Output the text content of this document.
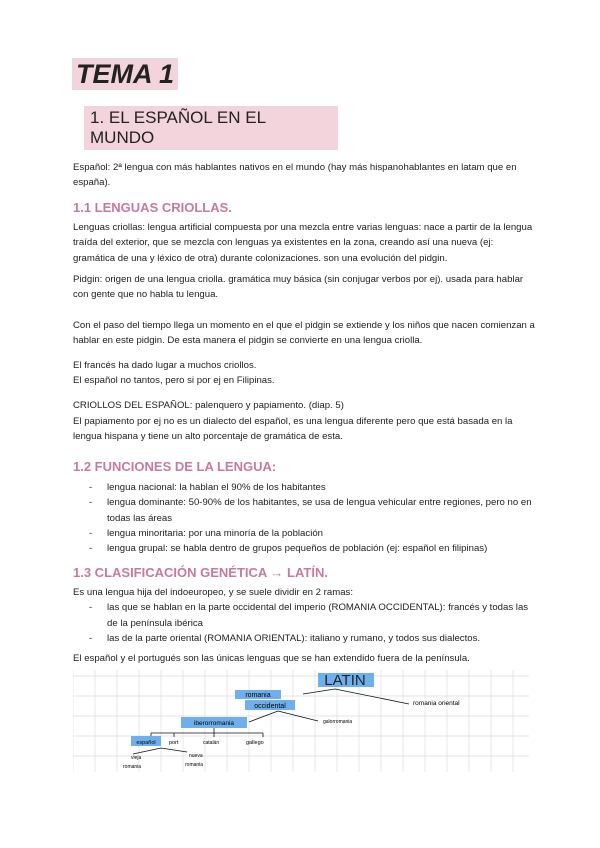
TEMA 1
1. EL ESPAÑOL EN EL MUNDO

Español: 2ª lengua con más hablantes nativos en el mundo (hay más hispanohablantes en latam que en españa).

1.1 LENGUAS CRIOLLAS.

Lenguas criollas: lengua artificial compuesta por una mezcla entre varias lenguas: nace a partir de la lengua traída del exterior, que se mezcla con lenguas ya existentes en la zona, creando así una nueva (ej: gramática de una y léxico de otra) durante colonizaciones. son una evolución del pidgin.

Pidgin: origen de una lengua criolla. gramática muy básica (sin conjugar verbos por ej). usada para hablar con gente que no habla tu lengua.

Con el paso del tiempo llega un momento en el que el pidgin se extiende y los niños que nacen comienzan a hablar en este pidgin. De esta manera el pidgin se convierte en una lengua criolla.

El francés ha dado lugar a muchos criollos.

El español no tantos, pero si por ej en Filipinas.

CRIOLLOS DEL ESPAÑOL: palenquero y papiamento. (diap. 5)

El papiamento por ej no es un dialecto del español, es una lengua diferente pero que está basada en la lengua hispana y tiene un alto porcentaje de gramática de esta.

1.2 FUNCIONES DE LA LENGUA:
- lengua nacional: la hablan el 90% de los habitantes
- lengua dominante: 50-90% de los habitantes, se usa de lengua vehicular entre regiones, pero no en todas las áreas
- lengua minoritaria: por una minoría de la población
- lengua grupal: se habla dentro de grupos pequeños de población (ej: español en filipinas)
1.3 CLASIFICACIÓN GENÉTICA → LATÍN.

Es una lengua hija del indoeuropeo, y se suele dividir en 2 ramas:

- las que se hablan en la parte occidental del imperio (ROMANIA OCCIDENTAL): francés y todas las de la península ibérica
- las de la parte oriental (ROMANIA ORIENTAL): italiano y rumano, y todos sus dialectos.

El español y el portugués son las únicas lenguas que se han extendido fuera de la península.

LATIN
romania
occidental	romania oriental
iberorromania	galorromania
español port	catalán	gallego
vieja
romania
nueva
romania
